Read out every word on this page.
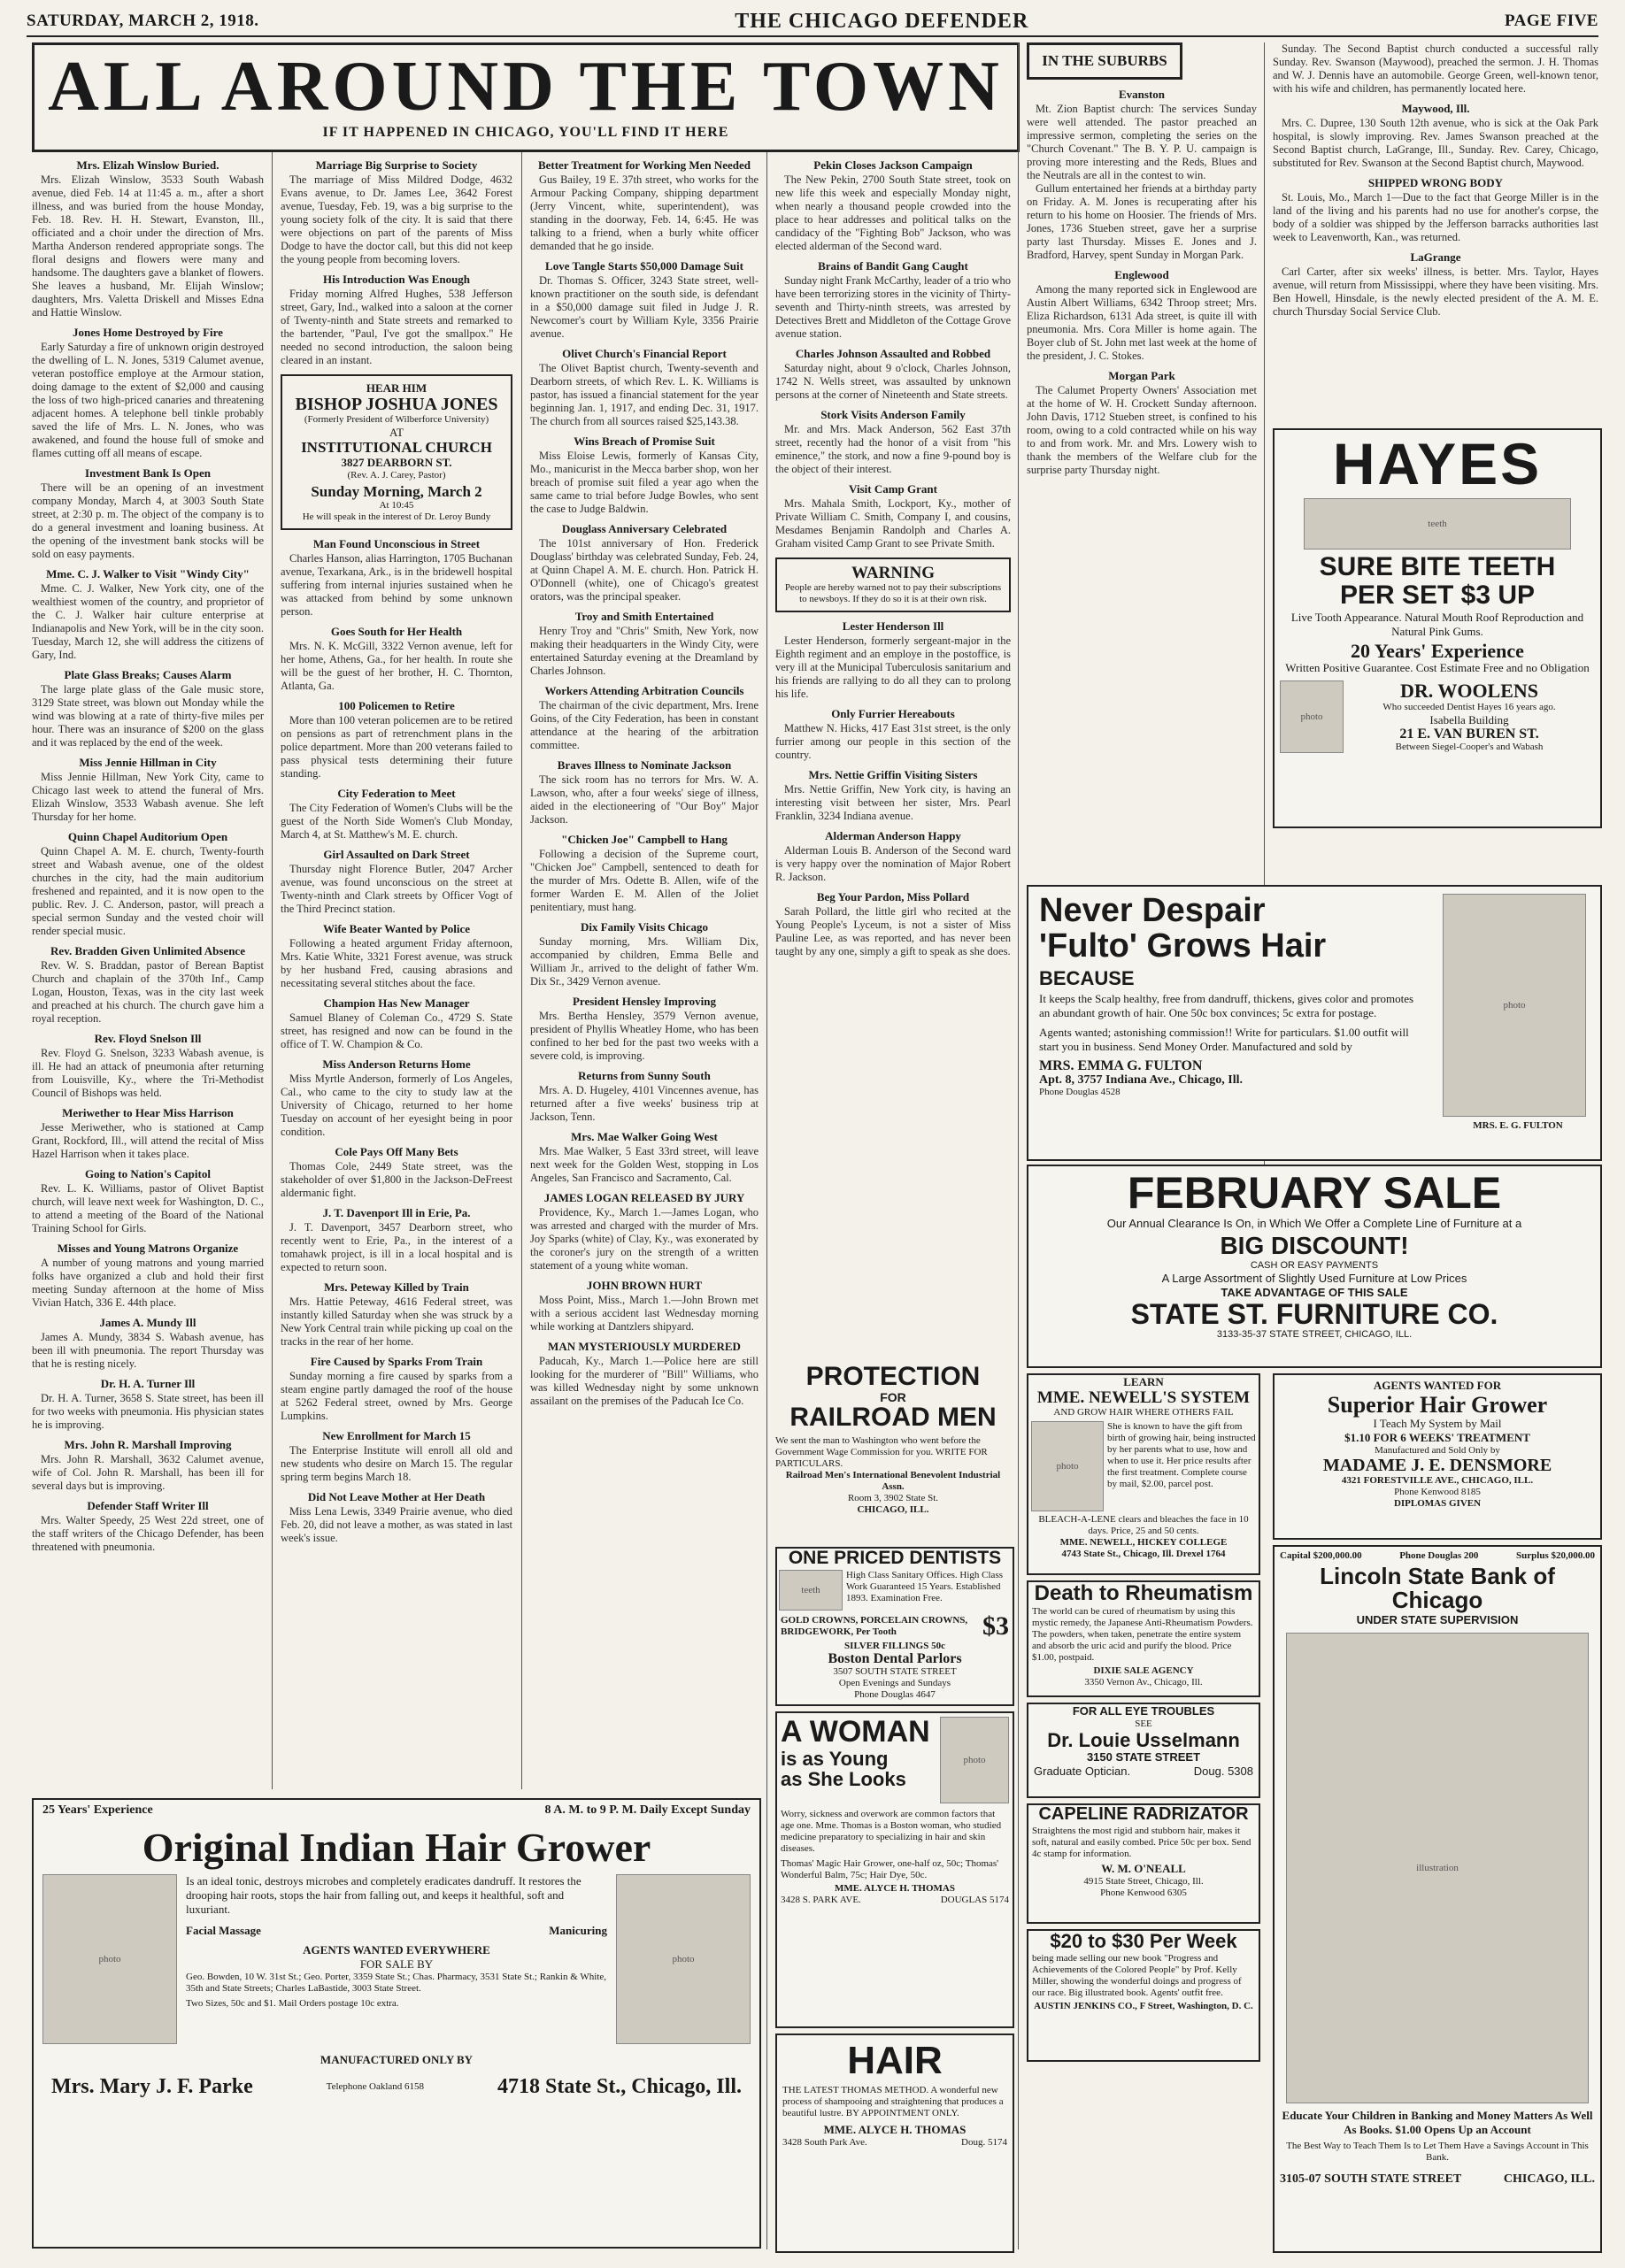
SATURDAY, MARCH 2, 1918.	THE CHICAGO DEFENDER	PAGE FIVE
ALL AROUND THE TOWN
IF IT HAPPENED IN CHICAGO, YOU'LL FIND IT HERE
IN THE SUBURBS
Mrs. Elizah Winslow Buried.

Mrs. Elizah Winslow, 3533 South Wabash avenue, died Feb. 14 at 11:45 a. m., after a short illness, and was buried from the house Monday, Feb. 18. Rev. H. H. Stewart, Evanston, Ill., officiated and a choir under the direction of Mrs. Martha Anderson rendered appropriate songs. The floral designs and flowers were many and handsome. The daughters gave a blanket of flowers. She leaves a husband, Mr. Elijah Winslow; daughters, Mrs. Valetta Driskell and Misses Edna and Hattie Winslow.

Jones Home Destroyed by Fire

Early Saturday a fire of unknown origin destroyed the dwelling of L. N. Jones, 5319 Calumet avenue, veteran postoffice employe at the Armour station, doing damage to the extent of $2,000 and causing the loss of two high-priced canaries and threatening adjacent homes. A telephone bell tinkle probably saved the life of Mrs. L. N. Jones, who was awakened, and found the house full of smoke and flames cutting off all means of escape.

Investment Bank Is Open

There will be an opening of an investment company Monday, March 4, at 3003 South State street, at 2:30 p. m. The object of the company is to do a general investment and loaning business. At the opening of the investment bank stocks will be sold on easy payments.

Mme. C. J. Walker to Visit "Windy City"

Mme. C. J. Walker, New York city, one of the wealthiest women of the country, and proprietor of the C. J. Walker hair culture enterprise at Indianapolis and New York, will be in the city soon. Tuesday, March 12, she will address the citizens of Gary, Ind.

Plate Glass Breaks; Causes Alarm

The large plate glass of the Gale music store, 3129 State street, was blown out Monday while the wind was blowing at a rate of thirty-five miles per hour. There was an insurance of $200 on the glass and it was replaced by the end of the week.

Miss Jennie Hillman in City

Miss Jennie Hillman, New York City, came to Chicago last week to attend the funeral of Mrs. Elizah Winslow, 3533 Wabash avenue. She left Thursday for her home.

Quinn Chapel Auditorium Open

Quinn Chapel A. M. E. church, Twenty-fourth street and Wabash avenue, one of the oldest churches in the city, had the main auditorium freshened and repainted, and it is now open to the public. Rev. J. C. Anderson, pastor, will preach a special sermon Sunday and the vested choir will render special music.

Rev. Bradden Given Unlimited Absence

Rev. W. S. Braddan, pastor of Berean Baptist Church and chaplain of the 370th Inf., Camp Logan, Houston, Texas, was in the city last week and preached at his church. The church gave him a royal reception.

Rev. Floyd Snelson Ill

Rev. Floyd G. Snelson, 3233 Wabash avenue, is ill. He had an attack of pneumonia after returning from Louisville, Ky., where the Tri-Methodist Council of Bishops was held.

Meriwether to Hear Miss Harrison

Jesse Meriwether, who is stationed at Camp Grant, Rockford, Ill., will attend the recital of Miss Hazel Harrison when it takes place.

Going to Nation's Capitol

Rev. L. K. Williams, pastor of Olivet Baptist church, will leave next week for Washington, D. C., to attend a meeting of the Board of the National Training School for Girls.

Misses and Young Matrons Organize

A number of young matrons and young married folks have organized a club and hold their first meeting Sunday afternoon at the home of Miss Vivian Hatch, 336 E. 44th place.

James A. Mundy Ill

James A. Mundy, 3834 S. Wabash avenue, has been ill with pneumonia. The report Thursday was that he is resting nicely.

Dr. H. A. Turner Ill

Dr. H. A. Turner, 3658 S. State street, has been ill for two weeks with pneumonia. His physician states he is improving.

Mrs. John R. Marshall Improving

Mrs. John R. Marshall, 3632 Calumet avenue, wife of Col. John R. Marshall, has been ill for several days but is improving.

Defender Staff Writer Ill

Mrs. Walter Speedy, 25 West 22d street, one of the staff writers of the Chicago Defender, has been threatened with pneumonia.

Marriage Big Surprise to Society

The marriage of Miss Mildred Dodge, 4632 Evans avenue, to Dr. James Lee, 3642 Forest avenue, Tuesday, Feb. 19, was a big surprise to the young society folk of the city. It is said that there were objections on part of the parents of Miss Dodge to have the doctor call, but this did not keep the young people from becoming lovers.

His Introduction Was Enough

Friday morning Alfred Hughes, 538 Jefferson street, Gary, Ind., walked into a saloon at the corner of Twenty-ninth and State streets and remarked to the bartender, "Paul, I've got the smallpox." He needed no second introduction, the saloon being cleared in an instant.

HEAR HIM
BISHOP JOSHUA JONES
(Formerly President of Wilberforce University)
AT
INSTITUTIONAL CHURCH
3827 DEARBORN ST.
(Rev. A. J. Carey, Pastor)
Sunday Morning, March 2
At 10:45
He will speak in the interest of Dr. Leroy Bundy
Man Found Unconscious in Street

Charles Hanson, alias Harrington, 1705 Buchanan avenue, Texarkana, Ark., is in the bridewell hospital suffering from internal injuries sustained when he was attacked from behind by some unknown person.

Goes South for Her Health

Mrs. N. K. McGill, 3322 Vernon avenue, left for her home, Athens, Ga., for her health. In route she will be the guest of her brother, H. C. Thornton, Atlanta, Ga.

100 Policemen to Retire

More than 100 veteran policemen are to be retired on pensions as part of retrenchment plans in the police department. More than 200 veterans failed to pass physical tests determining their future standing.

City Federation to Meet

The City Federation of Women's Clubs will be the guest of the North Side Women's Club Monday, March 4, at St. Matthew's M. E. church.

Girl Assaulted on Dark Street

Thursday night Florence Butler, 2047 Archer avenue, was found unconscious on the street at Twenty-ninth and Clark streets by Officer Vogt of the Third Precinct station.

Wife Beater Wanted by Police

Following a heated argument Friday afternoon, Mrs. Katie White, 3321 Forest avenue, was struck by her husband Fred, causing abrasions and necessitating several stitches about the face.

Champion Has New Manager

Samuel Blaney of Coleman Co., 4729 S. State street, has resigned and now can be found in the office of T. W. Champion & Co.

Miss Anderson Returns Home

Miss Myrtle Anderson, formerly of Los Angeles, Cal., who came to the city to study law at the University of Chicago, returned to her home Tuesday on account of her eyesight being in poor condition.

Cole Pays Off Many Bets

Thomas Cole, 2449 State street, was the stakeholder of over $1,800 in the Jackson-DeFreest aldermanic fight.

J. T. Davenport Ill in Erie, Pa.

J. T. Davenport, 3457 Dearborn street, who recently went to Erie, Pa., in the interest of a tomahawk project, is ill in a local hospital and is expected to return soon.

Mrs. Peteway Killed by Train

Mrs. Hattie Peteway, 4616 Federal street, was instantly killed Saturday when she was struck by a New York Central train while picking up coal on the tracks in the rear of her home.

Fire Caused by Sparks From Train

Sunday morning a fire caused by sparks from a steam engine partly damaged the roof of the house at 5262 Federal street, owned by Mrs. George Lumpkins.

New Enrollment for March 15

The Enterprise Institute will enroll all old and new students who desire on March 15. The regular spring term begins March 18.

Did Not Leave Mother at Her Death

Miss Lena Lewis, 3349 Prairie avenue, who died Feb. 20, did not leave a mother, as was stated in last week's issue.

Better Treatment for Working Men Needed

Gus Bailey, 19 E. 37th street, who works for the Armour Packing Company, shipping department (Jerry Vincent, white, superintendent), was standing in the doorway, Feb. 14, 6:45. He was talking to a friend, when a burly white officer demanded that he go inside.

Love Tangle Starts $50,000 Damage Suit

Dr. Thomas S. Officer, 3243 State street, well-known practitioner on the south side, is defendant in a $50,000 damage suit filed in Judge J. R. Newcomer's court by William Kyle, 3356 Prairie avenue.

Olivet Church's Financial Report

The Olivet Baptist church, Twenty-seventh and Dearborn streets, of which Rev. L. K. Williams is pastor, has issued a financial statement for the year beginning Jan. 1, 1917, and ending Dec. 31, 1917. The church from all sources raised $25,143.38.

Wins Breach of Promise Suit

Miss Eloise Lewis, formerly of Kansas City, Mo., manicurist in the Mecca barber shop, won her breach of promise suit filed a year ago when the same came to trial before Judge Bowles, who sent the case to Judge Baldwin.

Douglass Anniversary Celebrated

The 101st anniversary of Hon. Frederick Douglass' birthday was celebrated Sunday, Feb. 24, at Quinn Chapel A. M. E. church. Hon. Patrick H. O'Donnell (white), one of Chicago's greatest orators, was the principal speaker.

Troy and Smith Entertained

Henry Troy and "Chris" Smith, New York, now making their headquarters in the Windy City, were entertained Saturday evening at the Dreamland by Charles Johnson.

Workers Attending Arbitration Councils

The chairman of the civic department, Mrs. Irene Goins, of the City Federation, has been in constant attendance at the hearing of the arbitration committee.

Braves Illness to Nominate Jackson

The sick room has no terrors for Mrs. W. A. Lawson, who, after a four weeks' siege of illness, aided in the electioneering of "Our Boy" Major Jackson.

"Chicken Joe" Campbell to Hang

Following a decision of the Supreme court, "Chicken Joe" Campbell, sentenced to death for the murder of Mrs. Odette B. Allen, wife of the former Warden E. M. Allen of the Joliet penitentiary, must hang.

Dix Family Visits Chicago

Sunday morning, Mrs. William Dix, accompanied by children, Emma Belle and William Jr., arrived to the delight of father Wm. Dix Sr., 3429 Vernon avenue.

President Hensley Improving

Mrs. Bertha Hensley, 3579 Vernon avenue, president of Phyllis Wheatley Home, who has been confined to her bed for the past two weeks with a severe cold, is improving.

Returns from Sunny South

Mrs. A. D. Hugeley, 4101 Vincennes avenue, has returned after a five weeks' business trip at Jackson, Tenn.

Mrs. Mae Walker Going West

Mrs. Mae Walker, 5 East 33rd street, will leave next week for the Golden West, stopping in Los Angeles, San Francisco and Sacramento, Cal.

JAMES LOGAN RELEASED BY JURY

Providence, Ky., March 1.—James Logan, who was arrested and charged with the murder of Mrs. Joy Sparks (white) of Clay, Ky., was exonerated by the coroner's jury on the strength of a written statement of a young white woman.

JOHN BROWN HURT

Moss Point, Miss., March 1.—John Brown met with a serious accident last Wednesday morning while working at Dantzlers shipyard.

MAN MYSTERIOUSLY MURDERED

Paducah, Ky., March 1.—Police here are still looking for the murderer of "Bill" Williams, who was killed Wednesday night by some unknown assailant on the premises of the Paducah Ice Co.

Pekin Closes Jackson Campaign

The New Pekin, 2700 South State street, took on new life this week and especially Monday night, when nearly a thousand people crowded into the place to hear addresses and political talks on the candidacy of the "Fighting Bob" Jackson, who was elected alderman of the Second ward.

Brains of Bandit Gang Caught

Sunday night Frank McCarthy, leader of a trio who have been terrorizing stores in the vicinity of Thirty-seventh and Thirty-ninth streets, was arrested by Detectives Brett and Middleton of the Cottage Grove avenue station.

Charles Johnson Assaulted and Robbed

Saturday night, about 9 o'clock, Charles Johnson, 1742 N. Wells street, was assaulted by unknown persons at the corner of Nineteenth and State streets.

Stork Visits Anderson Family

Mr. and Mrs. Mack Anderson, 562 East 37th street, recently had the honor of a visit from "his eminence," the stork, and now a fine 9-pound boy is the object of their interest.

Visit Camp Grant

Mrs. Mahala Smith, Lockport, Ky., mother of Private William C. Smith, Company I, and cousins, Mesdames Benjamin Randolph and Charles A. Graham visited Camp Grant to see Private Smith.

WARNING
People are hereby warned not to pay their subscriptions to newsboys. If they do so it is at their own risk.
Lester Henderson Ill

Lester Henderson, formerly sergeant-major in the Eighth regiment and an employe in the postoffice, is very ill at the Municipal Tuberculosis sanitarium and his friends are rallying to do all they can to prolong his life.

Only Furrier Hereabouts

Matthew N. Hicks, 417 East 31st street, is the only furrier among our people in this section of the country.

Mrs. Nettie Griffin Visiting Sisters

Mrs. Nettie Griffin, New York city, is having an interesting visit between her sister, Mrs. Pearl Franklin, 3234 Indiana avenue.

Alderman Anderson Happy

Alderman Louis B. Anderson of the Second ward is very happy over the nomination of Major Robert R. Jackson.

Beg Your Pardon, Miss Pollard

Sarah Pollard, the little girl who recited at the Young People's Lyceum, is not a sister of Miss Pauline Lee, as was reported, and has never been taught by any one, simply a gift to speak as she does.

Evanston

Mt. Zion Baptist church: The services Sunday were well attended. The pastor preached an impressive sermon, completing the series on the "Church Covenant." The B. Y. P. U. campaign is proving more interesting and the Reds, Blues and the Neutrals are all in the contest to win.

Gullum entertained her friends at a birthday party on Friday. A. M. Jones is recuperating after his return to his home on Hoosier. The friends of Mrs. Jones, 1736 Stueben street, gave her a surprise party last Thursday. Misses E. Jones and J. Bradford, Harvey, spent Sunday in Morgan Park.

Englewood

Among the many reported sick in Englewood are Austin Albert Williams, 6342 Throop street; Mrs. Eliza Richardson, 6131 Ada street, is quite ill with pneumonia. Mrs. Cora Miller is home again. The Boyer club of St. John met last week at the home of the president, J. C. Stokes.

Morgan Park

The Calumet Property Owners' Association met at the home of W. H. Crockett Sunday afternoon. John Davis, 1712 Stueben street, is confined to his room, owing to a cold contracted while on his way to and from work. Mr. and Mrs. Lowery wish to thank the members of the Welfare club for the surprise party Thursday night.

Sunday. The Second Baptist church conducted a successful rally Sunday. Rev. Swanson (Maywood), preached the sermon. J. H. Thomas and W. J. Dennis have an automobile. George Green, well-known tenor, with his wife and children, has permanently located here.

Maywood, Ill.

Mrs. C. Dupree, 130 South 12th avenue, who is sick at the Oak Park hospital, is slowly improving. Rev. James Swanson preached at the Second Baptist church, LaGrange, Ill., Sunday. Rev. Carey, Chicago, substituted for Rev. Swanson at the Second Baptist church, Maywood.

SHIPPED WRONG BODY

St. Louis, Mo., March 1—Due to the fact that George Miller is in the land of the living and his parents had no use for another's corpse, the body of a soldier was shipped by the Jefferson barracks authorities last week to Leavenworth, Kan., was returned.

LaGrange

Carl Carter, after six weeks' illness, is better. Mrs. Taylor, Hayes avenue, will return from Mississippi, where they have been visiting. Mrs. Ben Howell, Hinsdale, is the newly elected president of the A. M. E. church Thursday Social Service Club.

25 Years' Experience	8 A. M. to 9 P. M. Daily Except Sunday
Original Indian Hair Grower
photo
Is an ideal tonic, destroys microbes and completely eradicates dandruff. It restores the drooping hair roots, stops the hair from falling out, and keeps it healthful, soft and luxuriant.
Facial Massage	Manicuring
AGENTS WANTED EVERYWHERE
FOR SALE BY
Geo. Bowden, 10 W. 31st St.; Geo. Porter, 3359 State St.; Chas. Pharmacy, 3531 State St.; Rankin & White, 35th and State Streets; Charles LaBastide, 3003 State Street.
Two Sizes, 50c and $1. Mail Orders postage 10c extra.
photo
MANUFACTURED ONLY BY
Mrs. Mary J. F. Parke	Telephone Oakland 6158	4718 State St., Chicago, Ill.
HAYES
teeth
SURE BITE TEETH
PER SET $3 UP
Live Tooth Appearance. Natural Mouth Roof Reproduction and Natural Pink Gums.
20 Years' Experience
Written Positive Guarantee. Cost Estimate Free and no Obligation
photo
DR. WOOLENS
Who succeeded Dentist Hayes 16 years ago.
Isabella Building
21 E. VAN BUREN ST.
Between Siegel-Cooper's and Wabash
Never Despair
'Fulto' Grows Hair
BECAUSE
It keeps the Scalp healthy, free from dandruff, thickens, gives color and promotes an abundant growth of hair. One 50c box convinces; 5c extra for postage.
Agents wanted; astonishing commission!! Write for particulars. $1.00 outfit will start you in business. Send Money Order. Manufactured and sold by
MRS. EMMA G. FULTON
Apt. 8, 3757 Indiana Ave., Chicago, Ill.
Phone Douglas 4528
photo
MRS. E. G. FULTON
FEBRUARY SALE
Our Annual Clearance Is On, in Which We Offer a Complete Line of Furniture at a
BIG DISCOUNT!
CASH OR EASY PAYMENTS
A Large Assortment of Slightly Used Furniture at Low Prices
TAKE ADVANTAGE OF THIS SALE
STATE ST. FURNITURE CO.
3133-35-37 STATE STREET, CHICAGO, ILL.
PROTECTION
FOR
RAILROAD MEN
We sent the man to Washington who went before the Government Wage Commission for you. WRITE FOR PARTICULARS.
Railroad Men's International Benevolent Industrial Assn.
Room 3, 3902 State St.
CHICAGO, ILL.
LEARN
MME. NEWELL'S SYSTEM
AND GROW HAIR WHERE OTHERS FAIL
photo
She is known to have the gift from birth of growing hair, being instructed by her parents what to use, how and when to use it. Her price results after the first treatment. Complete course by mail, $2.00, parcel post.
BLEACH-A-LENE clears and bleaches the face in 10 days. Price, 25 and 50 cents.
MME. NEWELL, HICKEY COLLEGE
4743 State St., Chicago, Ill. Drexel 1764
AGENTS WANTED FOR
Superior Hair Grower
I Teach My System by Mail
$1.10 FOR 6 WEEKS' TREATMENT
Manufactured and Sold Only by
MADAME J. E. DENSMORE
4321 FORESTVILLE AVE., CHICAGO, ILL.
Phone Kenwood 8185
DIPLOMAS GIVEN
ONE PRICED DENTISTS
teeth
High Class Sanitary Offices. High Class Work Guaranteed 15 Years. Established 1893. Examination Free.
GOLD CROWNS, PORCELAIN CROWNS, BRIDGEWORK, Per Tooth	$3
SILVER FILLINGS 50c
Boston Dental Parlors
3507 SOUTH STATE STREET
Open Evenings and Sundays
Phone Douglas 4647
Death to Rheumatism
The world can be cured of rheumatism by using this mystic remedy, the Japanese Anti-Rheumatism Powders. The powders, when taken, penetrate the entire system and absorb the uric acid and purify the blood. Price $1.00, postpaid.
DIXIE SALE AGENCY
3350 Vernon Av., Chicago, Ill.
Capital $200,000.00	Phone Douglas 200	Surplus $20,000.00
Lincoln State Bank of Chicago
UNDER STATE SUPERVISION
illustration
Educate Your Children in Banking and Money Matters As Well As Books. $1.00 Opens Up an Account
The Best Way to Teach Them Is to Let Them Have a Savings Account in This Bank.
3105-07 SOUTH STATE STREET	CHICAGO, ILL.
A WOMAN
is as Young
as She Looks
photo
Worry, sickness and overwork are common factors that age one. Mme. Thomas is a Boston woman, who studied medicine preparatory to specializing in hair and skin diseases.
Thomas' Magic Hair Grower, one-half oz, 50c; Thomas' Wonderful Balm, 75c; Hair Dye, 50c.
MME. ALYCE H. THOMAS
3428 S. PARK AVE.	DOUGLAS 5174
FOR ALL EYE TROUBLES
SEE
Dr. Louie Usselmann
3150 STATE STREET
Graduate Optician.	Doug. 5308
CAPELINE RADRIZATOR
Straightens the most rigid and stubborn hair, makes it soft, natural and easily combed. Price 50c per box. Send 4c stamp for information.
W. M. O'NEALL
4915 State Street, Chicago, Ill.
Phone Kenwood 6305
HAIR
THE LATEST THOMAS METHOD. A wonderful new process of shampooing and straightening that produces a beautiful lustre. BY APPOINTMENT ONLY.
MME. ALYCE H. THOMAS
3428 South Park Ave.	Doug. 5174
$20 to $30 Per Week
being made selling our new book "Progress and Achievements of the Colored People" by Prof. Kelly Miller, showing the wonderful doings and progress of our race. Big illustrated book. Agents' outfit free.
AUSTIN JENKINS CO., F Street, Washington, D. C.
